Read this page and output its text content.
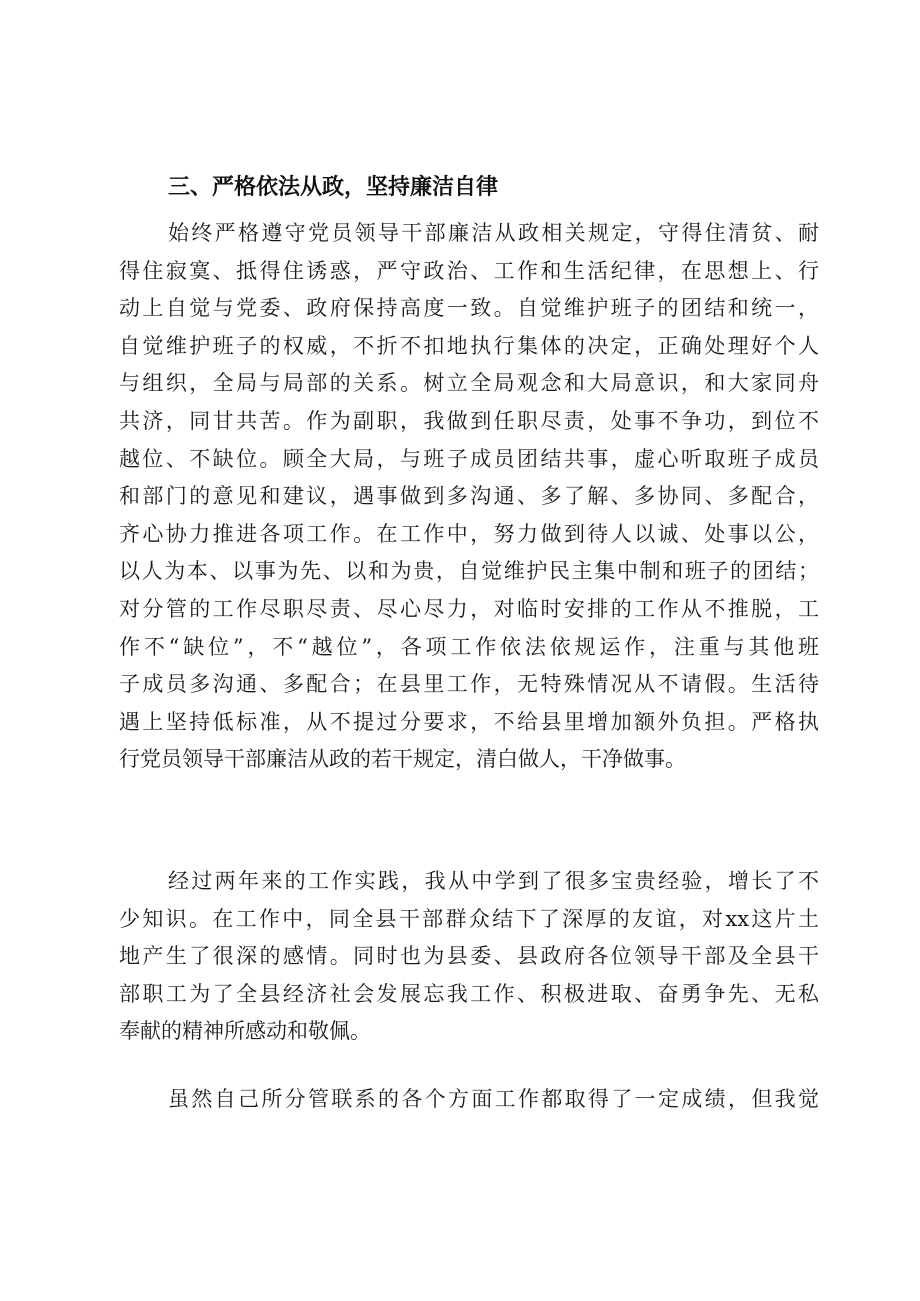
三、严格依法从政，坚持廉洁自律
始终严格遵守党员领导干部廉洁从政相关规定，守得住清贫、耐
得住寂寞、抵得住诱惑，严守政治、工作和生活纪律，在思想上、行
动上自觉与党委、政府保持高度一致。自觉维护班子的团结和统一，
自觉维护班子的权威，不折不扣地执行集体的决定，正确处理好个人
与组织，全局与局部的关系。树立全局观念和大局意识，和大家同舟
共济，同甘共苦。作为副职，我做到任职尽责，处事不争功，到位不
越位、不缺位。顾全大局，与班子成员团结共事，虚心听取班子成员
和部门的意见和建议，遇事做到多沟通、多了解、多协同、多配合，
齐心协力推进各项工作。在工作中，努力做到待人以诚、处事以公，
以人为本、以事为先、以和为贵，自觉维护民主集中制和班子的团结；
对分管的工作尽职尽责、尽心尽力，对临时安排的工作从不推脱，工
作不“缺位”，不“越位”，各项工作依法依规运作，注重与其他班
子成员多沟通、多配合；在县里工作，无特殊情况从不请假。生活待
遇上坚持低标准，从不提过分要求，不给县里增加额外负担。严格执
行党员领导干部廉洁从政的若干规定，清白做人，干净做事。
经过两年来的工作实践，我从中学到了很多宝贵经验，增长了不
少知识。在工作中，同全县干部群众结下了深厚的友谊，对xx这片土
地产生了很深的感情。同时也为县委、县政府各位领导干部及全县干
部职工为了全县经济社会发展忘我工作、积极进取、奋勇争先、无私
奉献的精神所感动和敬佩。
虽然自己所分管联系的各个方面工作都取得了一定成绩，但我觉
